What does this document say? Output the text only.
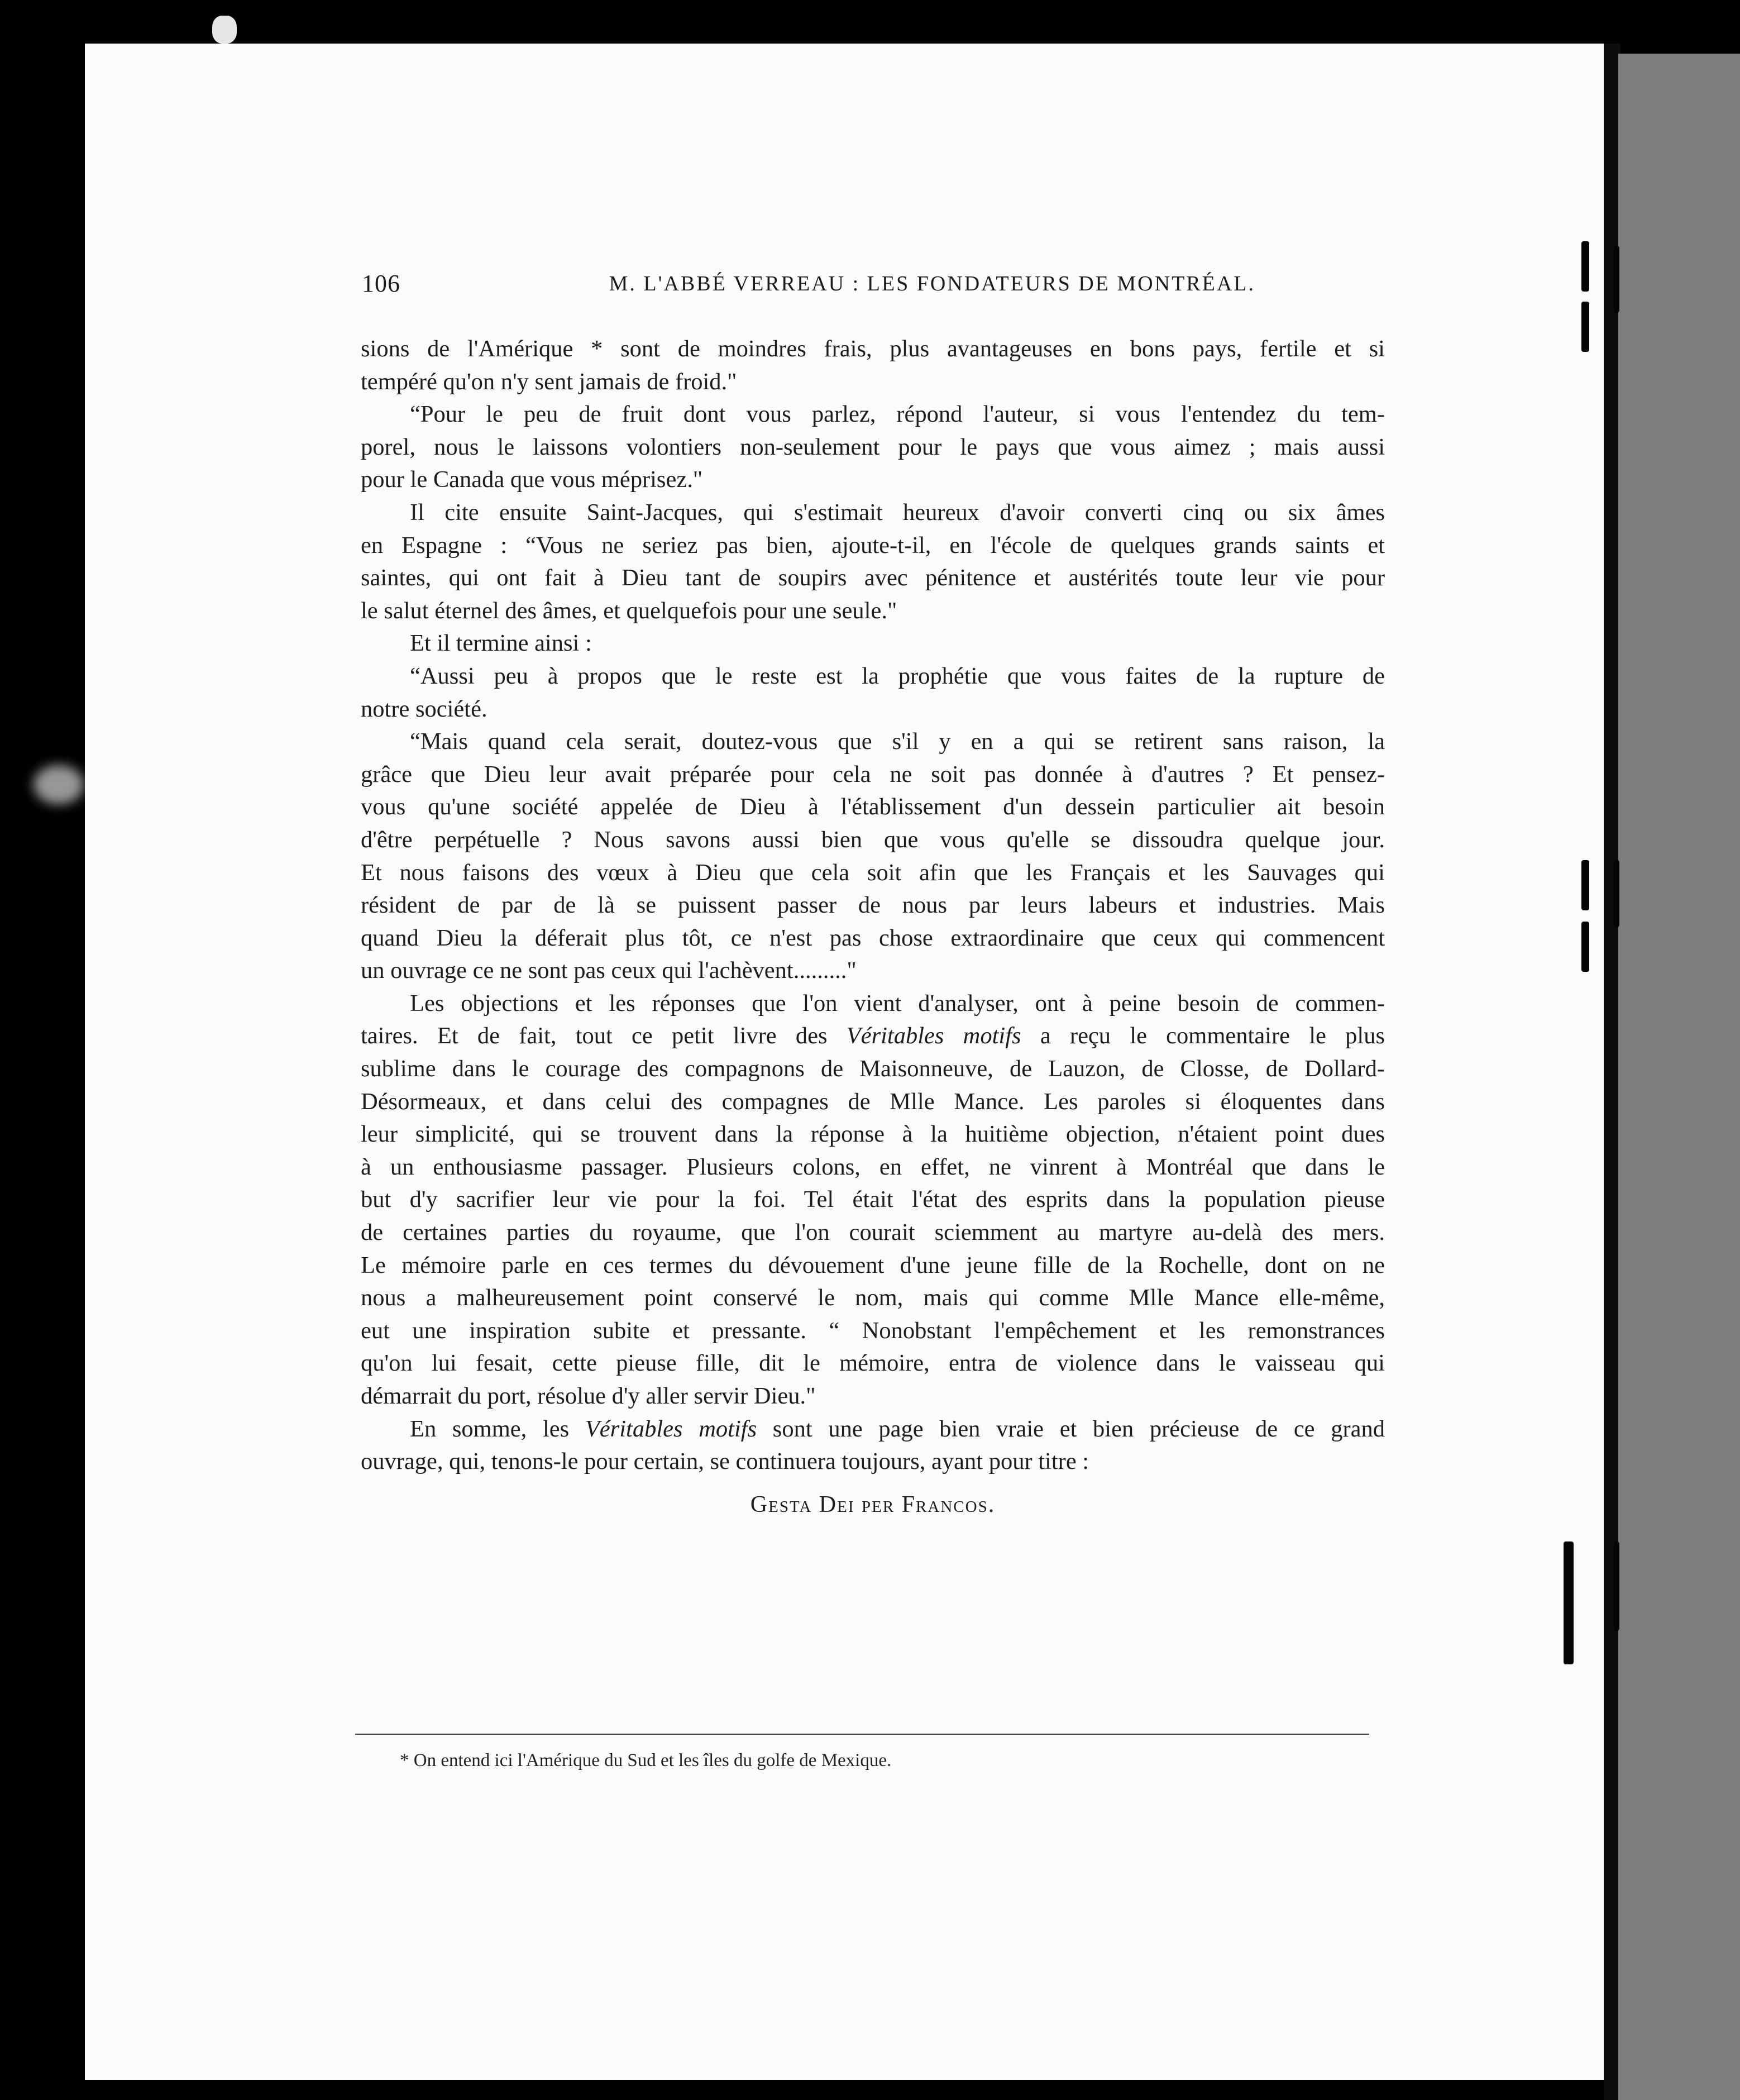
106	M. L'ABBÉ VERREAU : LES FONDATEURS DE MONTRÉAL.
sions de l'Amérique * sont de moindres frais, plus avantageuses en bons pays, fertile et si
tempéré qu'on n'y sent jamais de froid."
“Pour le peu de fruit dont vous parlez, répond l'auteur, si vous l'entendez du tem-
porel, nous le laissons volontiers non-seulement pour le pays que vous aimez ; mais aussi
pour le Canada que vous méprisez."
Il cite ensuite Saint-Jacques, qui s'estimait heureux d'avoir converti cinq ou six âmes
en Espagne : “Vous ne seriez pas bien, ajoute-t-il, en l'école de quelques grands saints et
saintes, qui ont fait à Dieu tant de soupirs avec pénitence et austérités toute leur vie pour
le salut éternel des âmes, et quelquefois pour une seule."
Et il termine ainsi :
“Aussi peu à propos que le reste est la prophétie que vous faites de la rupture de
notre société.
“Mais quand cela serait, doutez-vous que s'il y en a qui se retirent sans raison, la
grâce que Dieu leur avait préparée pour cela ne soit pas donnée à d'autres ? Et pensez-
vous qu'une société appelée de Dieu à l'établissement d'un dessein particulier ait besoin
d'être perpétuelle ? Nous savons aussi bien que vous qu'elle se dissoudra quelque jour.
Et nous faisons des vœux à Dieu que cela soit afin que les Français et les Sauvages qui
résident de par de là se puissent passer de nous par leurs labeurs et industries. Mais
quand Dieu la déferait plus tôt, ce n'est pas chose extraordinaire que ceux qui commencent
un ouvrage ce ne sont pas ceux qui l'achèvent........."
Les objections et les réponses que l'on vient d'analyser, ont à peine besoin de commen-
taires. Et de fait, tout ce petit livre des Véritables motifs a reçu le commentaire le plus
sublime dans le courage des compagnons de Maisonneuve, de Lauzon, de Closse, de Dollard-
Désormeaux, et dans celui des compagnes de Mlle Mance. Les paroles si éloquentes dans
leur simplicité, qui se trouvent dans la réponse à la huitième objection, n'étaient point dues
à un enthousiasme passager. Plusieurs colons, en effet, ne vinrent à Montréal que dans le
but d'y sacrifier leur vie pour la foi. Tel était l'état des esprits dans la population pieuse
de certaines parties du royaume, que l'on courait sciemment au martyre au-delà des mers.
Le mémoire parle en ces termes du dévouement d'une jeune fille de la Rochelle, dont on ne
nous a malheureusement point conservé le nom, mais qui comme Mlle Mance elle-même,
eut une inspiration subite et pressante. “ Nonobstant l'empêchement et les remonstrances
qu'on lui fesait, cette pieuse fille, dit le mémoire, entra de violence dans le vaisseau qui
démarrait du port, résolue d'y aller servir Dieu."
En somme, les Véritables motifs sont une page bien vraie et bien précieuse de ce grand
ouvrage, qui, tenons-le pour certain, se continuera toujours, ayant pour titre :
Gesta Dei per Francos.
* On entend ici l'Amérique du Sud et les îles du golfe de Mexique.
